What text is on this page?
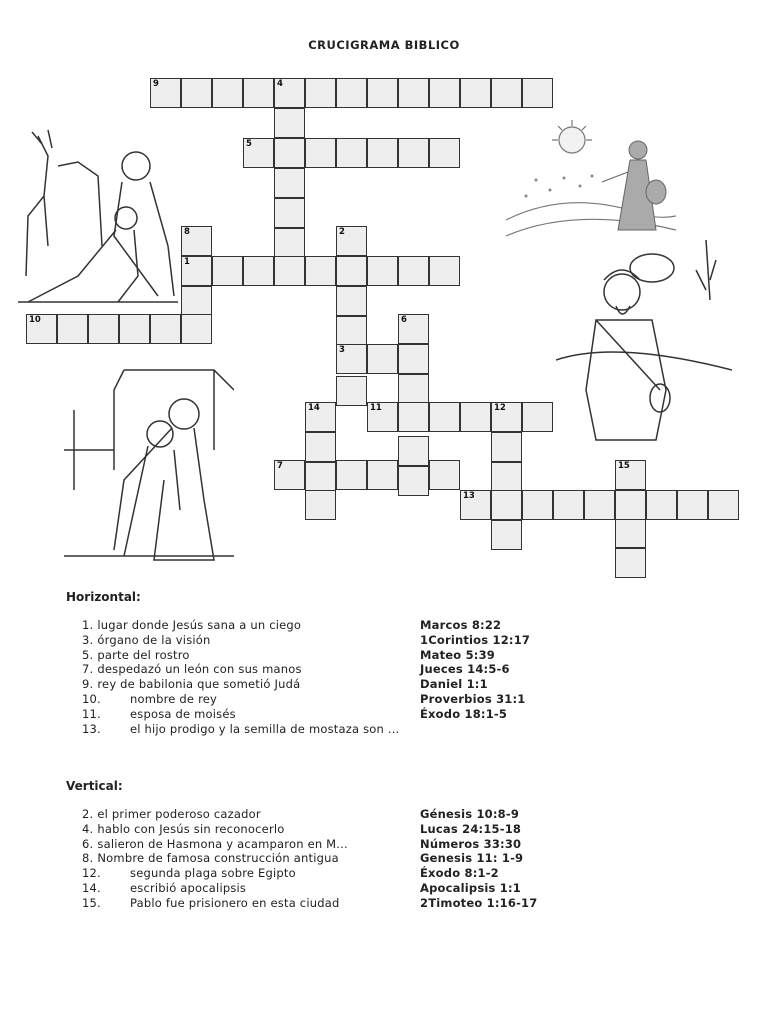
CRUCIGRAMA BIBLICO
1
2
3
4
5
6
7
8
9
10
11	12
13
14
15
Horizontal:
1. lugar donde Jesús sana a un ciego	Marcos 8:22
3. órgano de la visión	1Corintios 12:17
5. parte del rostro	Mateo 5:39
7. despedazó un león con sus manos	Jueces 14:5-6
9. rey de babilonia que sometió Judá	Daniel 1:1
10.	nombre de rey	Proverbios 31:1
11.	esposa de moisés	Éxodo 18:1-5
13.	el hijo prodigo y la semilla de mostaza son ...
Vertical:
2. el primer poderoso cazador	Génesis 10:8-9
4. hablo con Jesús sin reconocerlo	Lucas 24:15-18
6. salieron de Hasmona y acamparon en M...	Números 33:30
8. Nombre de famosa construcción antigua	Genesis 11: 1-9
12.	segunda plaga sobre Egipto	Éxodo 8:1-2
14.	escribió apocalipsis	Apocalipsis 1:1
15.	Pablo fue prisionero en esta ciudad	2Timoteo 1:16-17
